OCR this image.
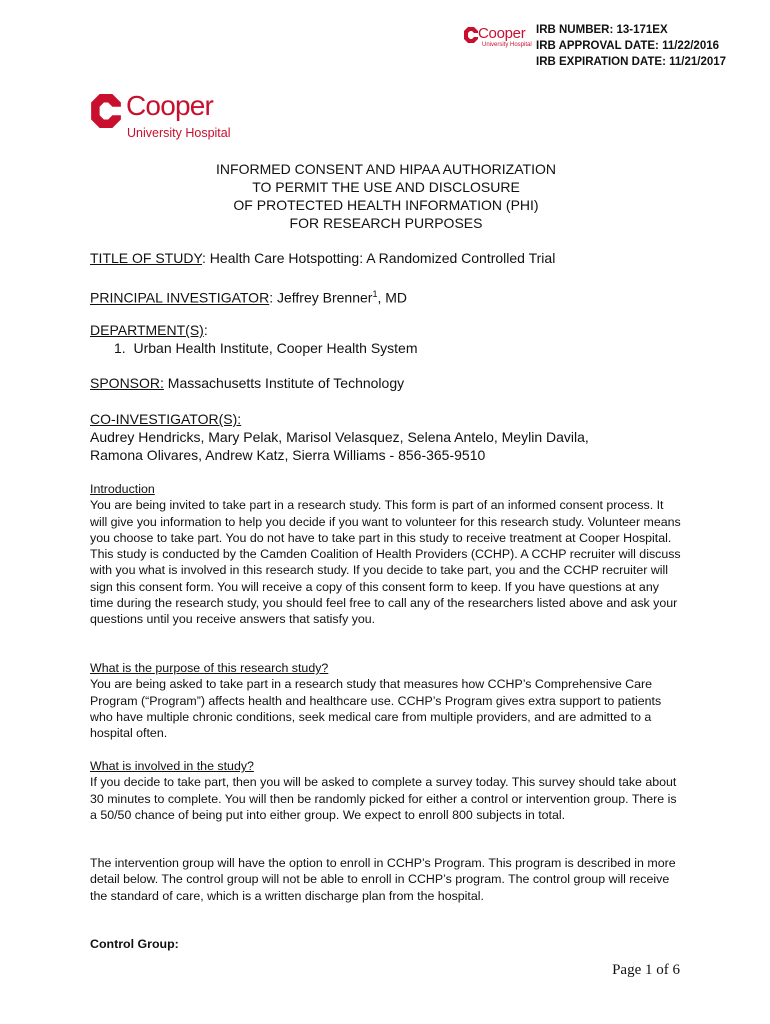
Cooper
University Hospital
IRB NUMBER: 13-171EX
IRB APPROVAL DATE: 11/22/2016
IRB EXPIRATION DATE: 11/21/2017
Cooper
University Hospital
INFORMED CONSENT AND HIPAA AUTHORIZATION
TO PERMIT THE USE AND DISCLOSURE
OF PROTECTED HEALTH INFORMATION (PHI)
FOR RESEARCH PURPOSES
TITLE OF STUDY: Health Care Hotspotting: A Randomized Controlled Trial
PRINCIPAL INVESTIGATOR: Jeffrey Brenner$^1$, MD
DEPARTMENT(S):
1. Urban Health Institute, Cooper Health System
SPONSOR: Massachusetts Institute of Technology
CO-INVESTIGATOR(S):
Audrey Hendricks, Mary Pelak, Marisol Velasquez, Selena Antelo, Meylin Davila,
Ramona Olivares, Andrew Katz, Sierra Williams - 856-365-9510

Introduction

You are being invited to take part in a research study. This form is part of an informed consent process. It will give you information to help you decide if you want to volunteer for this research study. Volunteer means you choose to take part. You do not have to take part in this study to receive treatment at Cooper Hospital. This study is conducted by the Camden Coalition of Health Providers (CCHP). A CCHP recruiter will discuss with you what is involved in this research study. If you decide to take part, you and the CCHP recruiter will sign this consent form. You will receive a copy of this consent form to keep. If you have questions at any time during the research study, you should feel free to call any of the researchers listed above and ask your questions until you receive answers that satisfy you.

What is the purpose of this research study?

You are being asked to take part in a research study that measures how CCHP’s Comprehensive Care Program (“Program”) affects health and healthcare use. CCHP’s Program gives extra support to patients who have multiple chronic conditions, seek medical care from multiple providers, and are admitted to a hospital often.

What is involved in the study?

If you decide to take part, then you will be asked to complete a survey today. This survey should take about 30 minutes to complete. You will then be randomly picked for either a control or intervention group. There is a 50/50 chance of being put into either group. We expect to enroll 800 subjects in total.

The intervention group will have the option to enroll in CCHP’s Program. This program is described in more detail below. The control group will not be able to enroll in CCHP’s program. The control group will receive the standard of care, which is a written discharge plan from the hospital.

Control Group:

Page 1 of 6
